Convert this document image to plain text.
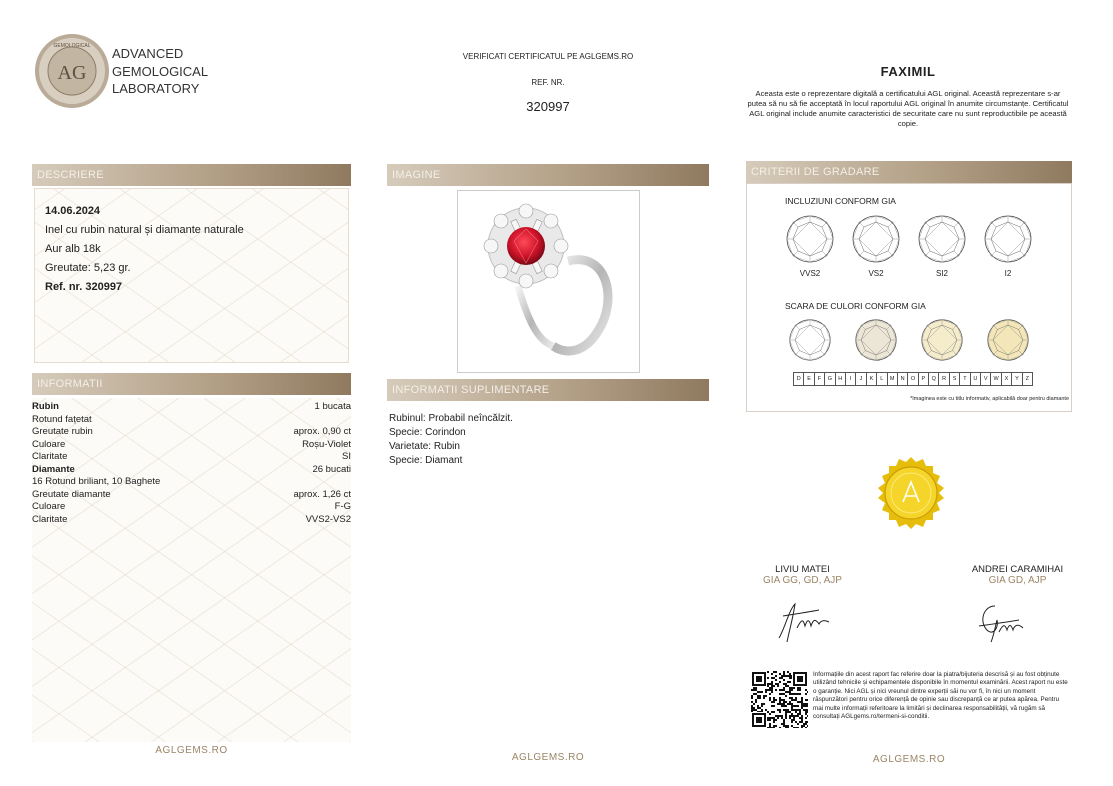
AG
GEMOLOGICAL ADVANCED
GEMOLOGICAL
LABORATORY
VERIFICATI CERTIFICATUL PE AGLGEMS.RO
REF. NR.
320997
FAXIMIL
Aceasta este o reprezentare digitală a certificatului AGL original. Această reprezentare s-ar putea să nu să fie acceptată în locul raportului AGL original în anumite circumstanțe. Certificatul AGL original include anumite caracteristici de securitate care nu sunt reproductibile pe această copie.
DESCRIERE
14.06.2024
Inel cu rubin natural și diamante naturale
Aur alb 18k
Greutate: 5,23 gr.
Ref. nr. 320997
INFORMATII
Rubin	1 bucata
Rotund fațetat
Greutate rubin	aprox. 0,90 ct
Culoare	Roșu-Violet
Claritate	SI
Diamante	26 bucati
16 Rotund briliant, 10 Baghete
Greutate diamante	aprox. 1,26 ct
Culoare	F-G
Claritate	VVS2-VS2
AGLGEMS.RO
IMAGINE
INFORMATII SUPLIMENTARE
Rubinul: Probabil neîncălzit.
Specie: Corindon
Varietate: Rubin
Specie: Diamant
AGLGEMS.RO
CRITERII DE GRADARE
INCLUZIUNI CONFORM GIA
VVS2	VS2	SI2	I2
SCARA DE CULORI CONFORM GIA
D	E	F	G	H	I	J	K	L	M	N	O	P	Q	R	S	T	U	V	W	X	Y	Z
*Imaginea este cu titlu informativ, aplicabilă doar pentru diamante
LIVIU MATEI
GIA GG, GD, AJP
ANDREI CARAMIHAI
GIA GD, AJP
Informațiile din acest raport fac referire doar la piatra/bijuteria descrisă și au fost obținute utilizând tehnicile și echipamentele disponibile în momentul examinării. Acest raport nu este o garanție. Nici AGL și nici vreunul dintre experții săi nu vor fi, în nici un moment răspunzători pentru orice diferență de opinie sau discrepanță ce ar putea apărea. Pentru mai multe informații referitoare la limitări și declinarea responsabilității, vă rugăm să consultați AGLgems.ro/termeni-si-conditii.
AGLGEMS.RO
